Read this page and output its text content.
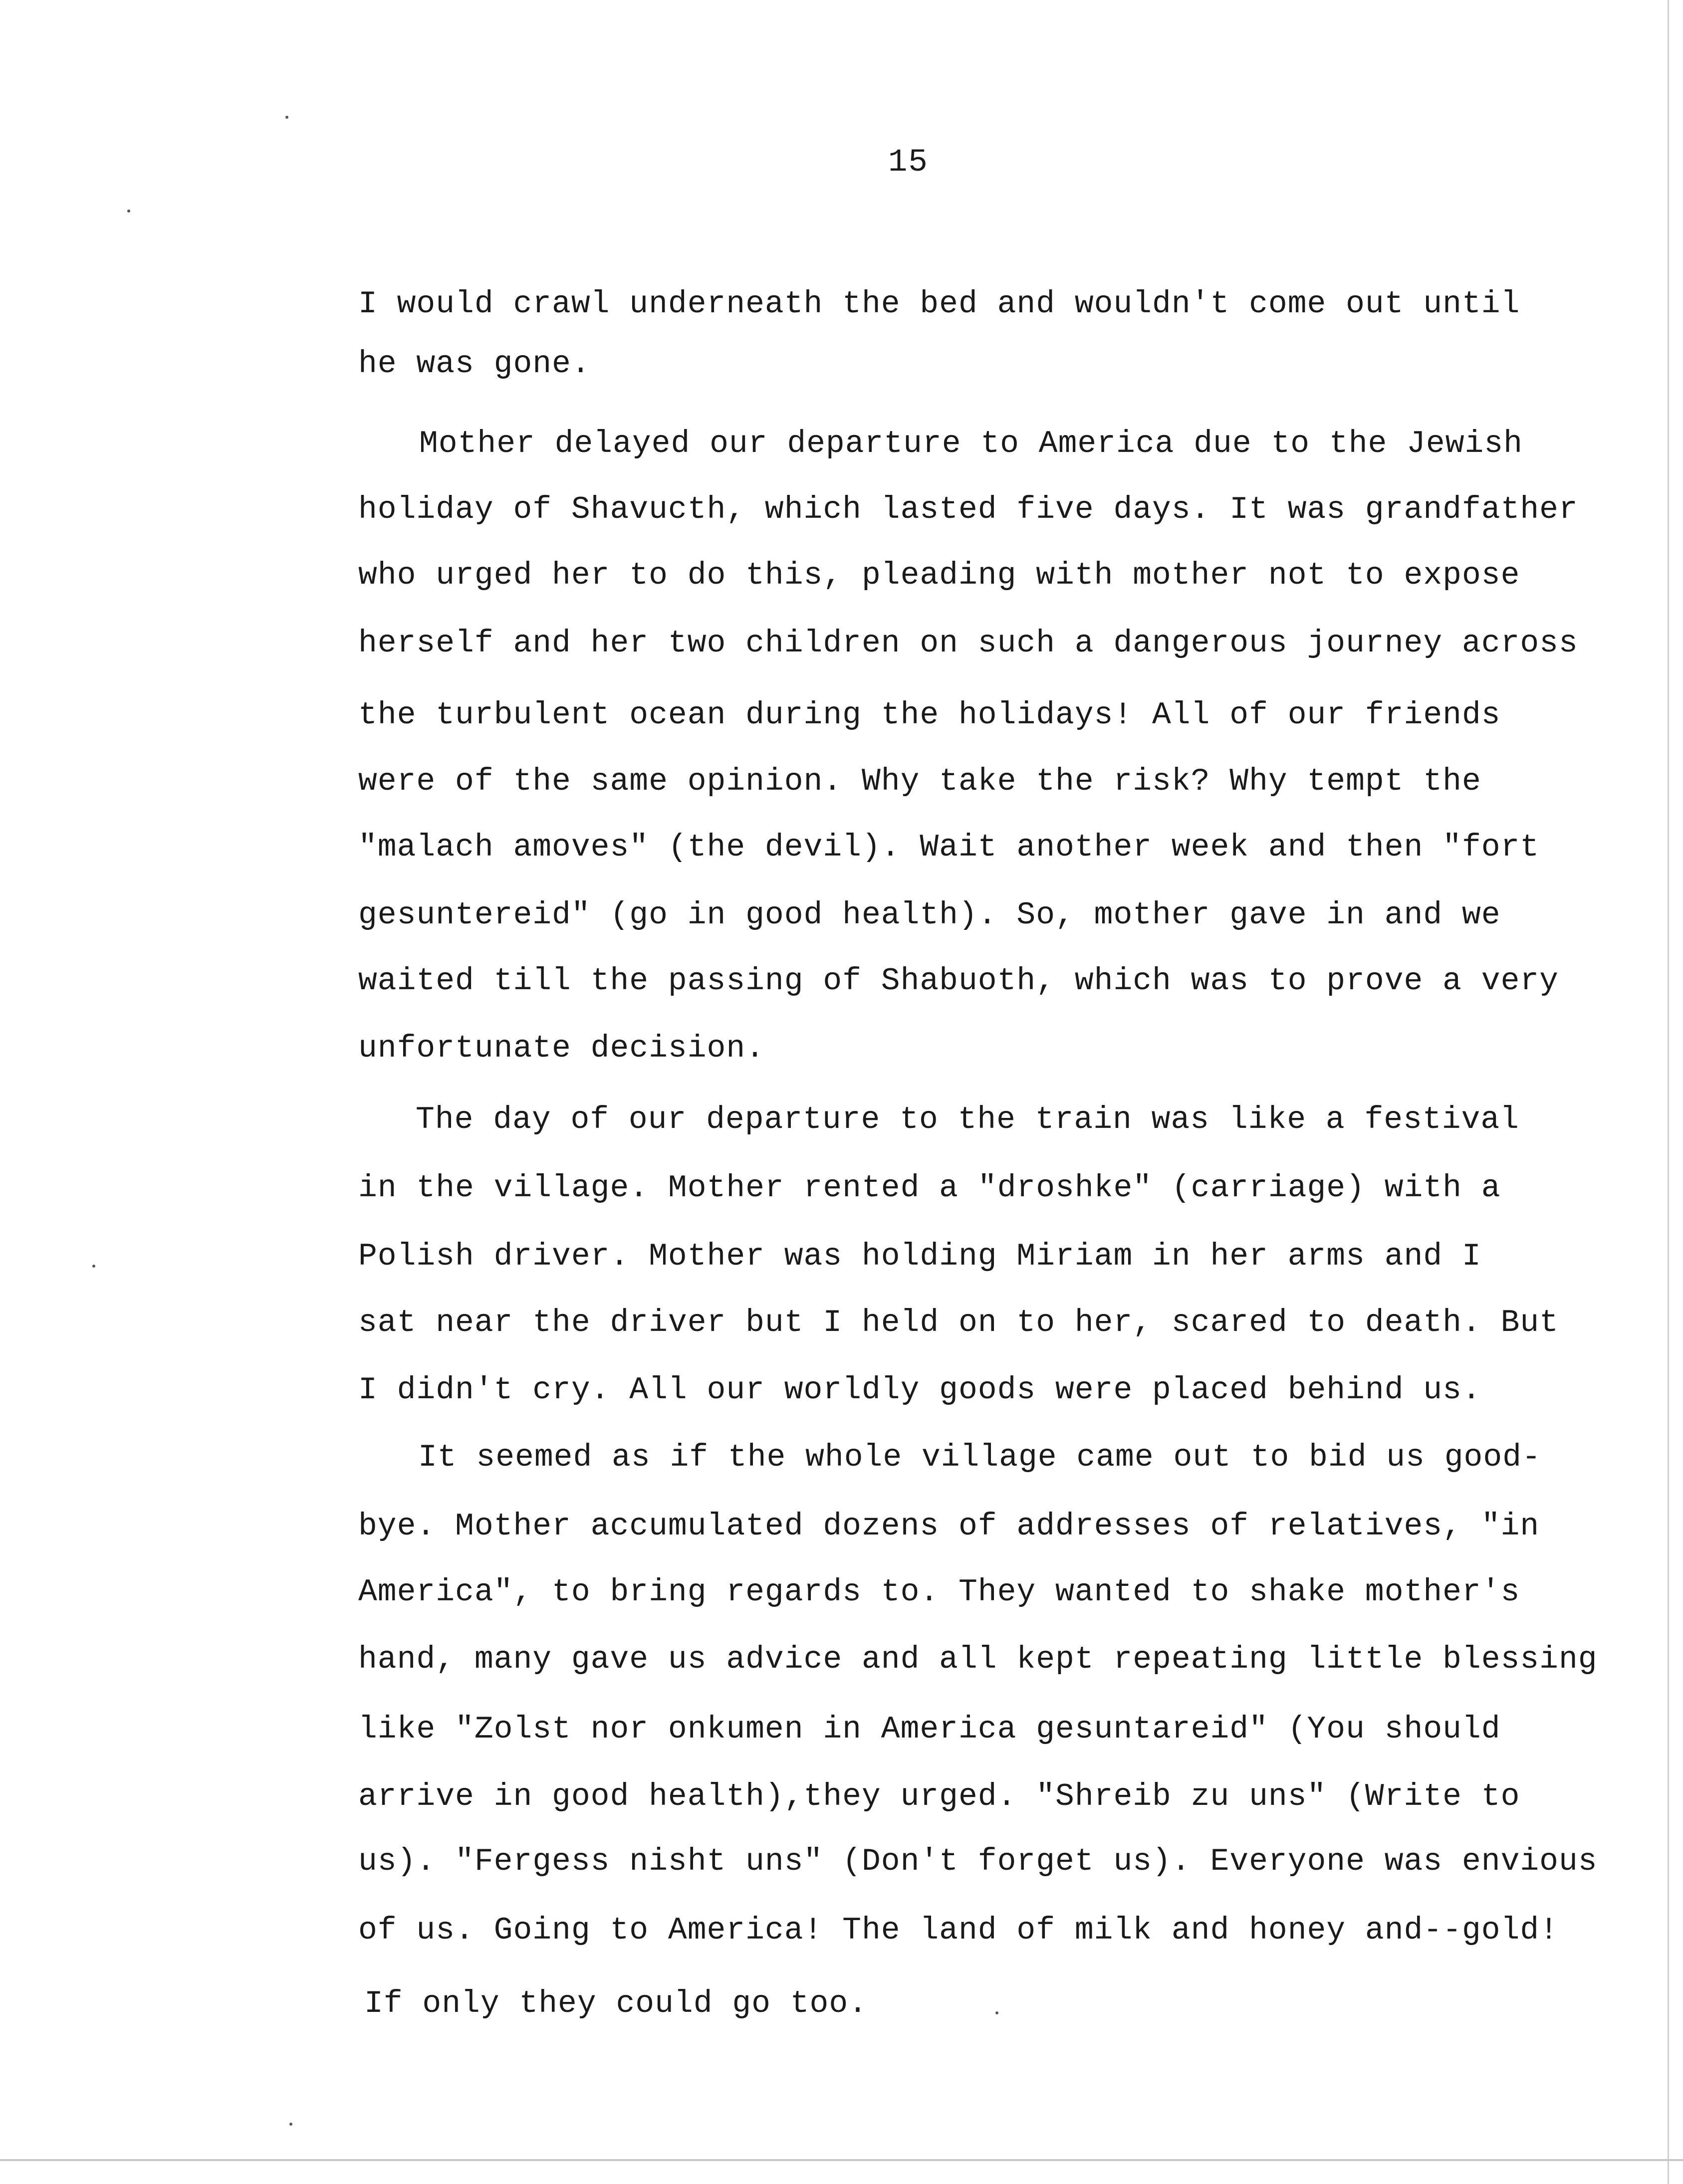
15
I would crawl underneath the bed and wouldn't come out until
he was gone.
Mother delayed our departure to America due to the Jewish
holiday of Shavucth, which lasted five days. It was grandfather
who urged her to do this, pleading with mother not to expose
herself and her two children on such a dangerous journey across
the turbulent ocean during the holidays! All of our friends
were of the same opinion. Why take the risk? Why tempt the
"malach amoves" (the devil). Wait another week and then "fort
gesuntereid" (go in good health). So, mother gave in and we
waited till the passing of Shabuoth, which was to prove a very
unfortunate decision.
The day of our departure to the train was like a festival
in the village. Mother rented a "droshke" (carriage) with a
Polish driver. Mother was holding Miriam in her arms and I
sat near the driver but I held on to her, scared to death. But
I didn't cry. All our worldly goods were placed behind us.
It seemed as if the whole village came out to bid us good-
bye. Mother accumulated dozens of addresses of relatives, "in
America", to bring regards to. They wanted to shake mother's
hand, many gave us advice and all kept repeating little blessing
like "Zolst nor onkumen in America gesuntareid" (You should
arrive in good health),they urged. "Shreib zu uns" (Write to
us). "Fergess nisht uns" (Don't forget us). Everyone was envious
of us. Going to America! The land of milk and honey and--gold!
If only they could go too.
